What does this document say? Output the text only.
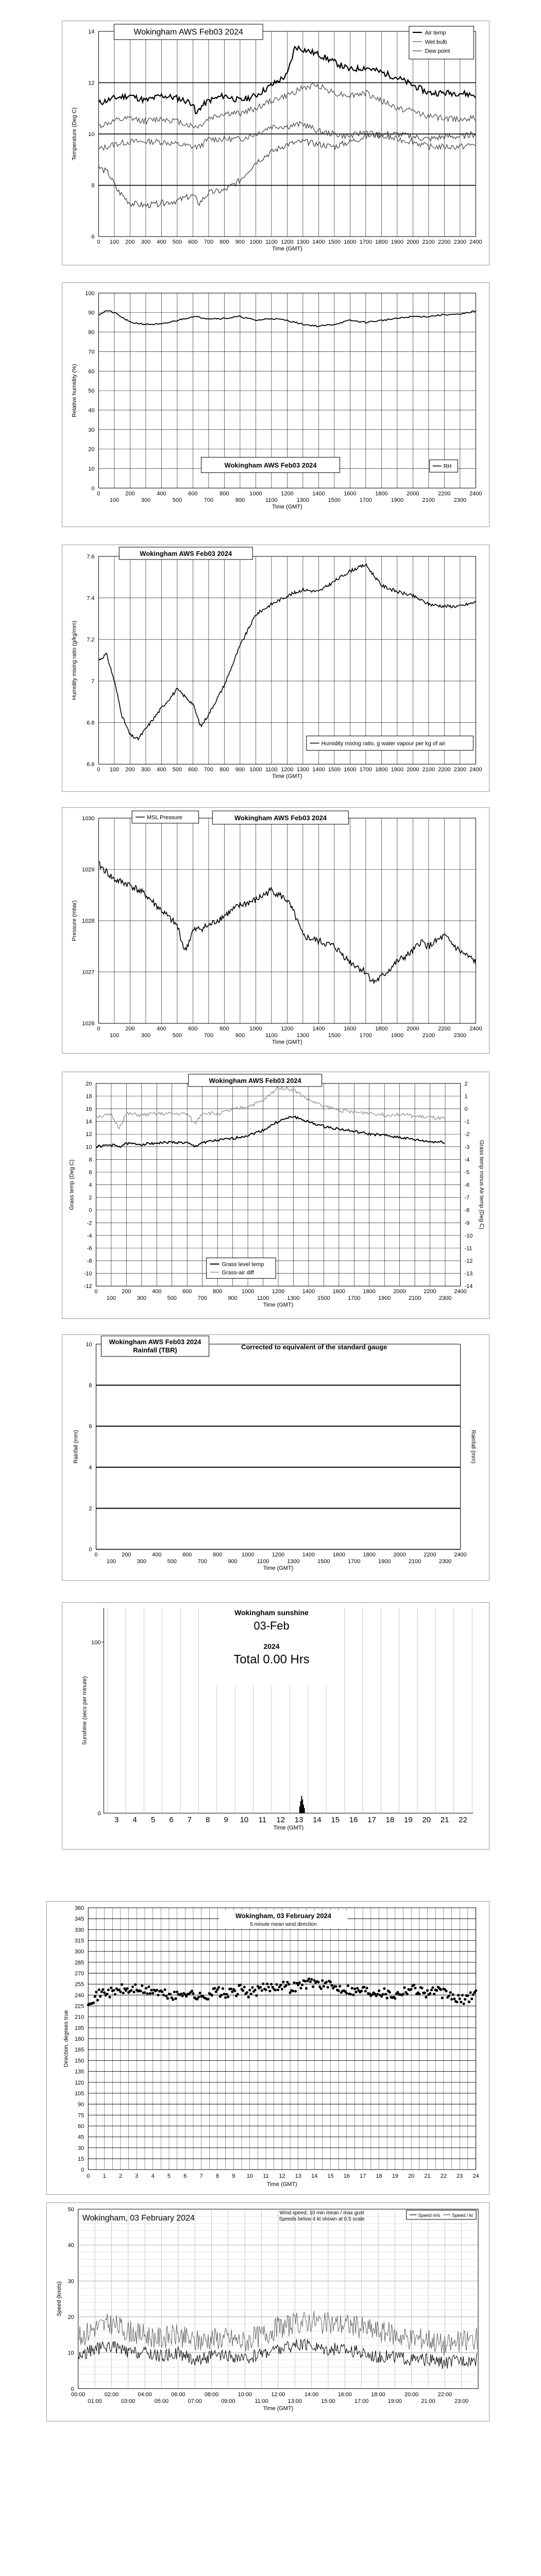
14
12
10
8
6
0 100 200 300 400 500 600 700 800 900 1000 1100 1200 1300 1400 1500 1600 1700 1800 1900 2000 2100 2200 2300 2400
Time (GMT)
Temperature (Deg C)
Wokingham AWS Feb03 2024	Air temp
Wet bulb
Dew point
100
90
80
70
60
50
40
30
20
10
0
0	200	400	600	800	1000	1200	1400	1600	1800	2000	2200	2400
100	300	500	700	900	1100	1300	1500	1700	1900	2100	2300
Time (GMT)
Relative humidity (%)
Wokingham AWS Feb03 2024	RH
7.6
7.4
7.2
7
6.8
6.6
0 100 200 300 400 500 600 700 800 900 1000 1100 1200 1300 1400 1500 1600 1700 1800 1900 2000 2100 2200 2300 2400
Time (GMT)
Humidity mixing ratio (g/kg/mm)
Wokingham AWS Feb03 2024
Humidity mixing ratio, g water vapour per kg of air
1030
1029
1028
1027
1026
0	200	400	600	800	1000	1200	1400	1600	1800	2000	2200	2400
100	300	500	700	900	1100	1300	1500	1700	1900	2100	2300
Time (GMT)
Pressure (mbar)
MSL Pressure	Wokingham AWS Feb03 2024
20
18
16
14
12
10
8
6
4
2
0
-2
-4
-6
-8
-10
-12
0	200	400	600	800	1000	1200	1400	1600	1800	2000	2200	2400
100	300	500	700	900	1100	1300	1500	1700	1900	2100	2300
Time (GMT)
Grass temp (Deg C)
2
1
0
-1
-2
-3
-4
-5
-6
-7
-8
-9
-10
-11
-12
-13
-14
Grass temp minus Air temp (Deg C)
Wokingham AWS Feb03 2024
Grass level temp
Grass-air diff
10
8
6
4
2
0
0	200	400	600	800	1000	1200	1400	1600	1800	2000	2200	2400
100	300	500	700	900	1100	1300	1500	1700	1900	2100	2300
Time (GMT)
Rainfall (mm)	Rainfall (mm)
Wokingham AWS Feb03 2024
Rainfall (TBR)	Corrected to equivalent of the standard gauge
100
0
3 4 5 6 7 8 9 10 11 12 13 14 15 16 17 18 19 20 21 22
Time (GMT)
Sunshine (secs per minute)
Wokingham sunshine
03-Feb
2024
Total 0.00 Hrs
360
345
330
315
300
285
270
255
240
225
210
195
180
165
150
135
120
105
90
75
60
45
30
15
0
0 1 2 3 4 5 6 7 8 9 10 11 12 13 14 15 16 17 18 19 20 21 22 23 24
Time (GMT)
Direction, degrees true
Wokingham, 03 February 2024
5 minute mean wind direction
50
40
30
20
10
0
00:00	02:00	04:00	06:00	08:00	10:00	12:00	14:00	16:00	18:00	20:00	22:00
01:00	03:00	05:00	07:00	09:00	11:00	13:00	15:00	17:00	19:00	21:00	23:00
Time (GMT)
Speed (knots)
Wokingham, 03 February 2024
Wind speed, 10 min mean / max gust
Speeds below 4 kt shown at 0.5 scale
Speed m/s	Speed / kt
